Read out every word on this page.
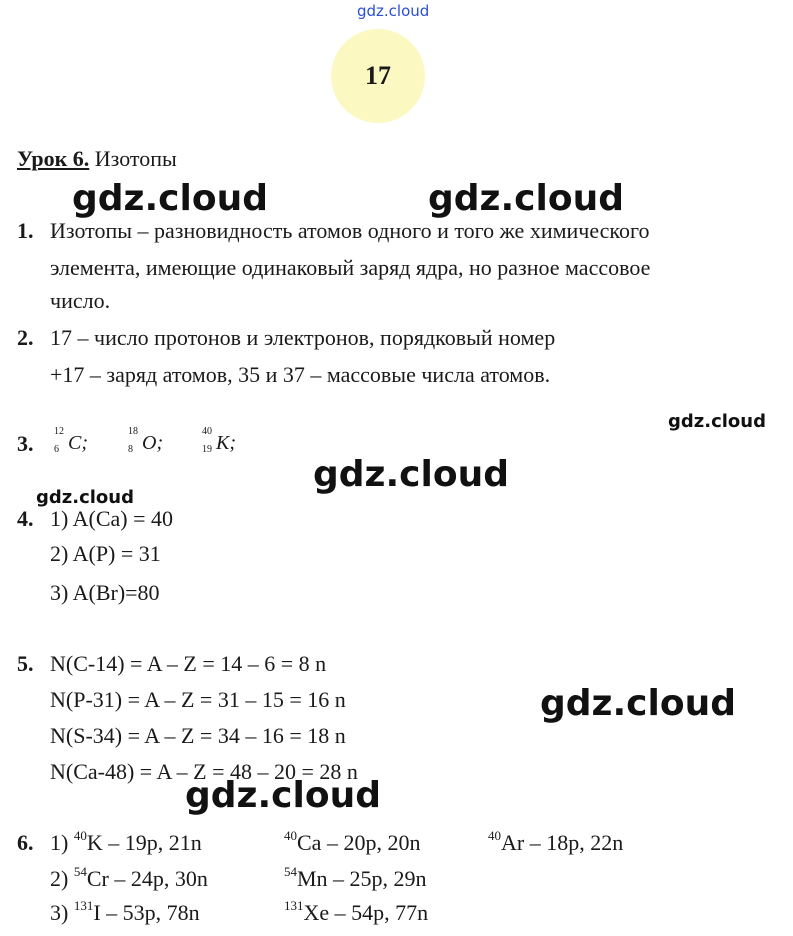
gdz.cloud
gdz.cloud	gdz.cloud
gdz.cloud
gdz.cloud
gdz.cloud
gdz.cloud
gdz.cloud
17
Урок 6. Изотопы
1. Изотопы – разновидность атомов одного и того же химического
элемента, имеющие одинаковый заряд ядра, но разное массовое
число.
2. 17 – число протонов и электронов, порядковый номер
+17 – заряд атомов, 35 и 37 – массовые числа атомов.
3. 12
6 C;
18
8 O;
40
19 K;
4. 1) A(Ca) = 40
2) A(P) = 31
3) A(Br)=80
5. N(C-14) = A – Z = 14 – 6 = 8 n
N(P-31) = A – Z = 31 – 15 = 16 n
N(S-34) = A – Z = 34 – 16 = 18 n
N(Ca-48) = A – Z = 48 – 20 = 28 n
6. 1) $^{40}$K – 19p, 21n	$^{40}$Ca – 20p, 20n	$^{40}$Ar – 18p, 22n
2) $^{54}$Cr – 24p, 30n	$^{54}$Mn – 25p, 29n
3) $^{131}$I – 53p, 78n	$^{131}$Xe – 54p, 77n
